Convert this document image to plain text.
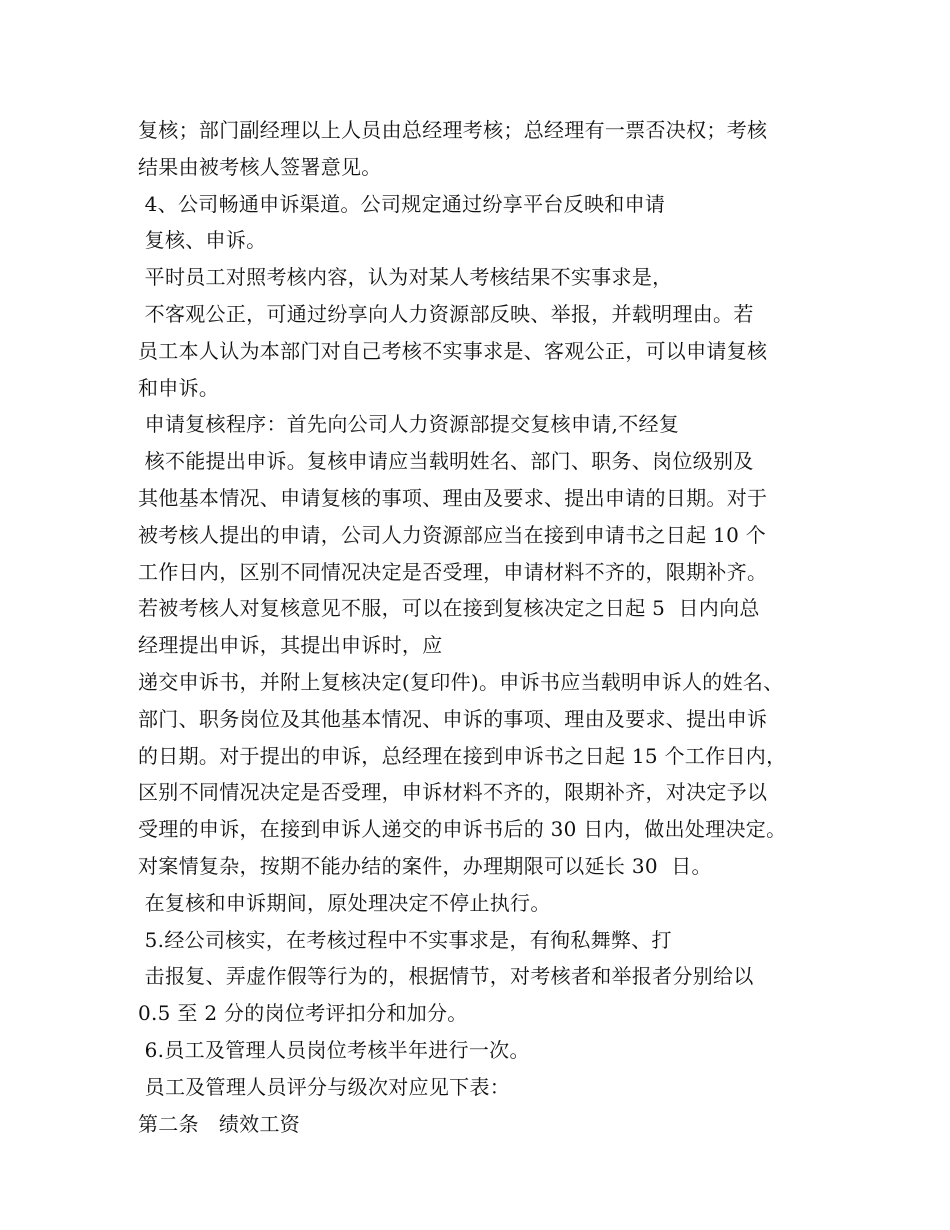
复核；部门副经理以上人员由总经理考核；总经理有一票否决权；考核
结果由被考核人签署意见。
4、公司畅通申诉渠道。公司规定通过纷享平台反映和申请
复核、申诉。
平时员工对照考核内容，认为对某人考核结果不实事求是，
不客观公正，可通过纷享向人力资源部反映、举报，并载明理由。若
员工本人认为本部门对自己考核不实事求是、客观公正，可以申请复核
和申诉。
申请复核程序：首先向公司人力资源部提交复核申请,不经复
核不能提出申诉。复核申请应当载明姓名、部门、职务、岗位级别及
其他基本情况、申请复核的事项、理由及要求、提出申请的日期。对于
被考核人提出的申请，公司人力资源部应当在接到申请书之日起 10 个
工作日内，区别不同情况决定是否受理，申请材料不齐的，限期补齐。
若被考核人对复核意见不服，可以在接到复核决定之日起 5  日内向总
经理提出申诉，其提出申诉时，应
递交申诉书，并附上复核决定(复印件)。申诉书应当载明申诉人的姓名、
部门、职务岗位及其他基本情况、申诉的事项、理由及要求、提出申诉
的日期。对于提出的申诉，总经理在接到申诉书之日起 15 个工作日内，
区别不同情况决定是否受理，申诉材料不齐的，限期补齐，对决定予以
受理的申诉，在接到申诉人递交的申诉书后的 30 日内，做出处理决定。
对案情复杂，按期不能办结的案件，办理期限可以延长 30  日。
在复核和申诉期间，原处理决定不停止执行。
5.经公司核实，在考核过程中不实事求是，有徇私舞弊、打
击报复、弄虚作假等行为的，根据情节，对考核者和举报者分别给以
0.5 至 2 分的岗位考评扣分和加分。
6.员工及管理人员岗位考核半年进行一次。
员工及管理人员评分与级次对应见下表：
第二条   绩效工资
